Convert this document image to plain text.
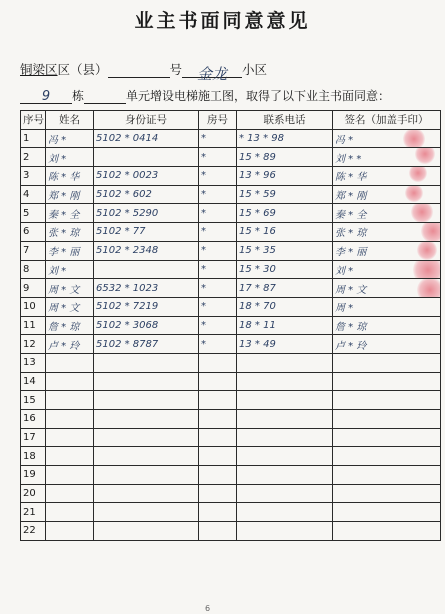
业主书面同意意见
铜梁区区（县）	号 金龙 小区
9 栋	单元增设电梯施工图，取得了以下业主书面同意：
序号	姓名	身份证号	房号	联系电话	签名（加盖手印）
1	冯 *	5102 * 0414	*	* 13 * 98	冯 *

2	刘 *		*	15 * 89	刘 * *

3	陈 * 华	5102 * 0023	*	13 * 96	陈 * 华

4	郑 * 刚	5102 * 602	*	15 * 59	郑 * 刚

5	秦 * 全	5102 * 5290	*	15 * 69	秦 * 全

6	张 * 琼	5102 * 77	*	15 * 16	张 * 琼

7	李 * 丽	5102 * 2348	*	15 * 35	李 * 丽

8	刘 *		*	15 * 30	刘 *

9	周 * 文	6532 * 1023	*	17 * 87	周 * 文

10	周 * 文	5102 * 7219	*	18 * 70	周 *
11	詹 * 琼	5102 * 3068	*	18 * 11	詹 * 琼
12	卢 * 玲	5102 * 8787	*	13 * 49	卢 * 玲
13					
14					
15					
16					
17					
18					
19					
20					
21					
22					
6
